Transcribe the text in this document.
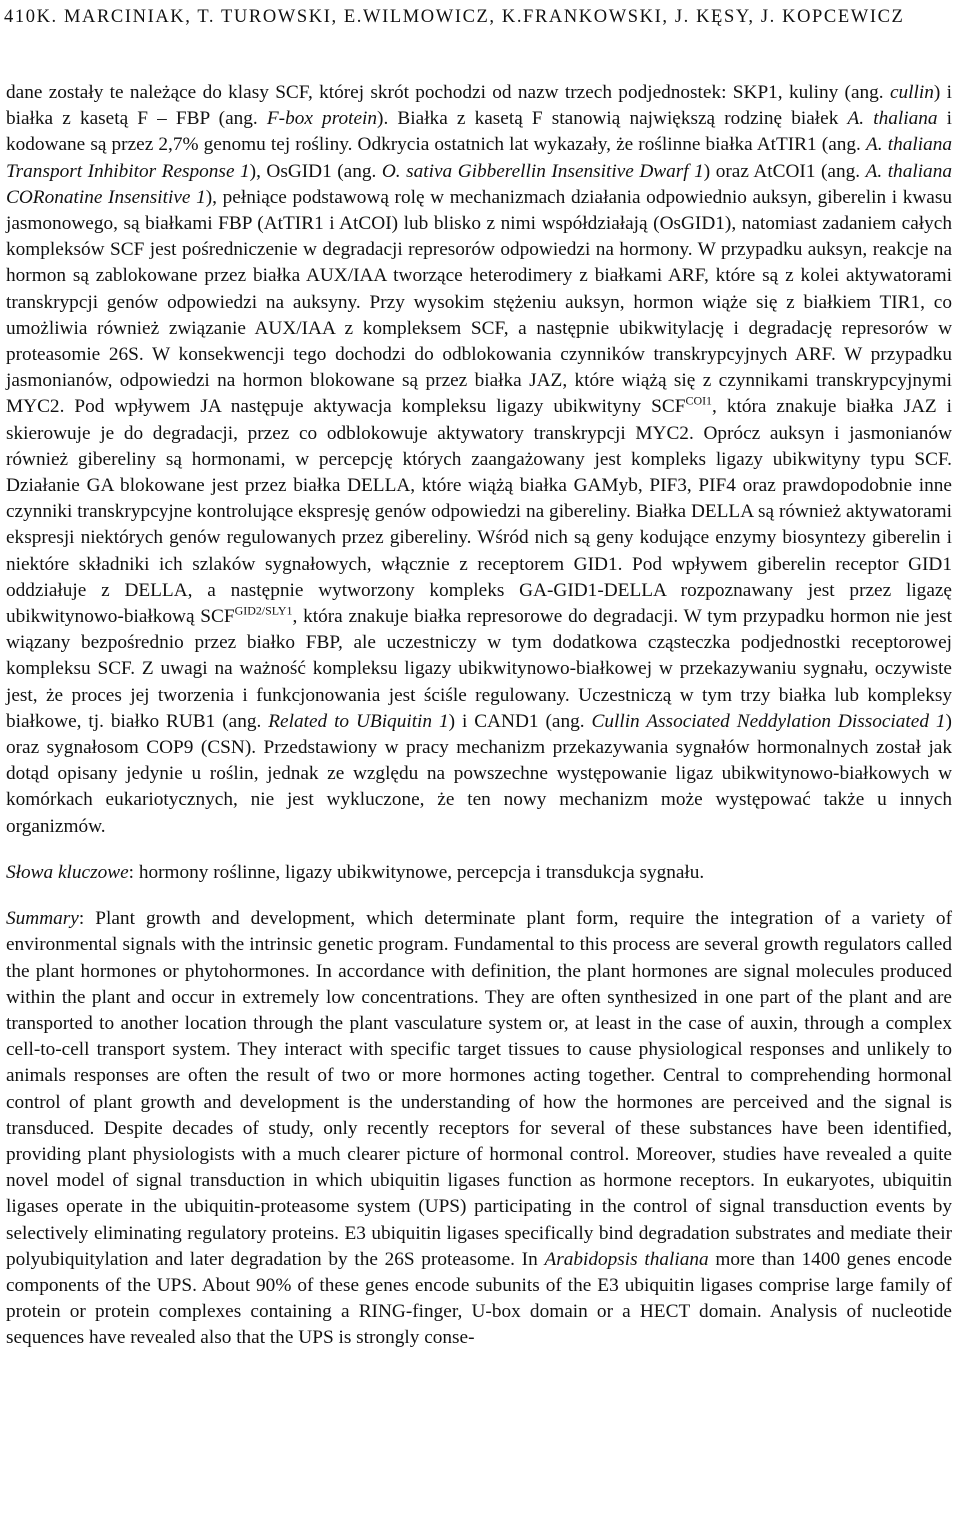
410K. MARCINIAK, T. TUROWSKI, E.WILMOWICZ, K.FRANKOWSKI, J. KĘSY, J. KOPCEWICZ

dane zostały te należące do klasy SCF, której skrót pochodzi od nazw trzech podjednostek: SKP1, kuliny (ang. cullin) i białka z kasetą F – FBP (ang. F-box protein). Białka z kasetą F stanowią największą rodzinę białek A. thaliana i kodowane są przez 2,7% genomu tej rośliny. Odkrycia ostatnich lat wykazały, że roślinne białka AtTIR1 (ang. A. thaliana Transport Inhibitor Response 1), OsGID1 (ang. O. sativa Gibberellin Insensitive Dwarf 1) oraz AtCOI1 (ang. A. thaliana CORonatine Insensitive 1), pełniące podstawową rolę w mechanizmach działania odpowiednio auksyn, giberelin i kwasu jasmonowego, są białkami FBP (AtTIR1 i AtCOI) lub blisko z nimi współdziałają (OsGID1), natomiast zadaniem całych kompleksów SCF jest pośredniczenie w degradacji represorów odpowiedzi na hormony. W przypadku auksyn, reakcje na hormon są zablokowane przez białka AUX/IAA tworzące heterodimery z białkami ARF, które są z kolei aktywatorami transkrypcji genów odpowiedzi na auksyny. Przy wysokim stężeniu auksyn, hormon wiąże się z białkiem TIR1, co umożliwia również związanie AUX/IAA z kompleksem SCF, a następnie ubikwitylację i degradację represorów w proteasomie 26S. W konsekwencji tego dochodzi do odblokowania czynników transkrypcyjnych ARF. W przypadku jasmonianów, odpowiedzi na hormon blokowane są przez białka JAZ, które wiążą się z czynnikami transkrypcyjnymi MYC2. Pod wpływem JA następuje aktywacja kompleksu ligazy ubikwityny $SCF^{COI1}$, która znakuje białka JAZ i skierowuje je do degradacji, przez co odblokowuje aktywatory transkrypcji MYC2. Oprócz auksyn i jasmonianów również gibereliny są hormonami, w percepcję których zaangażowany jest kompleks ligazy ubikwityny typu SCF. Działanie GA blokowane jest przez białka DELLA, które wiążą białka GAMyb, PIF3, PIF4 oraz prawdopodobnie inne czynniki transkrypcyjne kontrolujące ekspresję genów odpowiedzi na gibereliny. Białka DELLA są również aktywatorami ekspresji niektórych genów regulowanych przez gibereliny. Wśród nich są geny kodujące enzymy biosyntezy giberelin i niektóre składniki ich szlaków sygnałowych, włącznie z receptorem GID1. Pod wpływem giberelin receptor GID1 oddziałuje z DELLA, a następnie wytworzony kompleks GA-GID1-DELLA rozpoznawany jest przez ligazę ubikwitynowo-białkową $SCF^{GID2/SLY1}$, która znakuje białka represorowe do degradacji. W tym przypadku hormon nie jest wiązany bezpośrednio przez białko FBP, ale uczestniczy w tym dodatkowa cząsteczka podjednostki receptorowej kompleksu SCF. Z uwagi na ważność kompleksu ligazy ubikwitynowo-białkowej w przekazywaniu sygnału, oczywiste jest, że proces jej tworzenia i funkcjonowania jest ściśle regulowany. Uczestniczą w tym trzy białka lub kompleksy białkowe, tj. białko RUB1 (ang. Related to UBiquitin 1) i CAND1 (ang. Cullin Associated Neddylation Dissociated 1) oraz sygnałosom COP9 (CSN). Przedstawiony w pracy mechanizm przekazywania sygnałów hormonalnych został jak dotąd opisany jedynie u roślin, jednak ze względu na powszechne występowanie ligaz ubikwitynowo-białkowych w komórkach eukariotycznych, nie jest wykluczone, że ten nowy mechanizm może występować także u innych organizmów.

Słowa kluczowe: hormony roślinne, ligazy ubikwitynowe, percepcja i transdukcja sygnału.

Summary: Plant growth and development, which determinate plant form, require the integration of a variety of environmental signals with the intrinsic genetic program. Fundamental to this process are several growth regulators called the plant hormones or phytohormones. In accordance with definition, the plant hormones are signal molecules produced within the plant and occur in extremely low concentrations. They are often synthesized in one part of the plant and are transported to another location through the plant vasculature system or, at least in the case of auxin, through a complex cell-to-cell transport system. They interact with specific target tissues to cause physiological responses and unlikely to animals responses are often the result of two or more hormones acting together. Central to comprehending hormonal control of plant growth and development is the understanding of how the hormones are perceived and the signal is transduced. Despite decades of study, only recently receptors for several of these substances have been identified, providing plant physiologists with a much clearer picture of hormonal control. Moreover, studies have revealed a quite novel model of signal transduction in which ubiquitin ligases function as hormone receptors. In eukaryotes, ubiquitin ligases operate in the ubiquitin-proteasome system (UPS) participating in the control of signal transduction events by selectively eliminating regulatory proteins. E3 ubiquitin ligases specifically bind degradation substrates and mediate their polyubiquitylation and later degradation by the 26S proteasome. In Arabidopsis thaliana more than 1400 genes encode components of the UPS. About 90% of these genes encode subunits of the E3 ubiquitin ligases comprise large family of protein or protein complexes containing a RING-finger, U-box domain or a HECT domain. Analysis of nucleotide sequences have revealed also that the UPS is strongly conse-
